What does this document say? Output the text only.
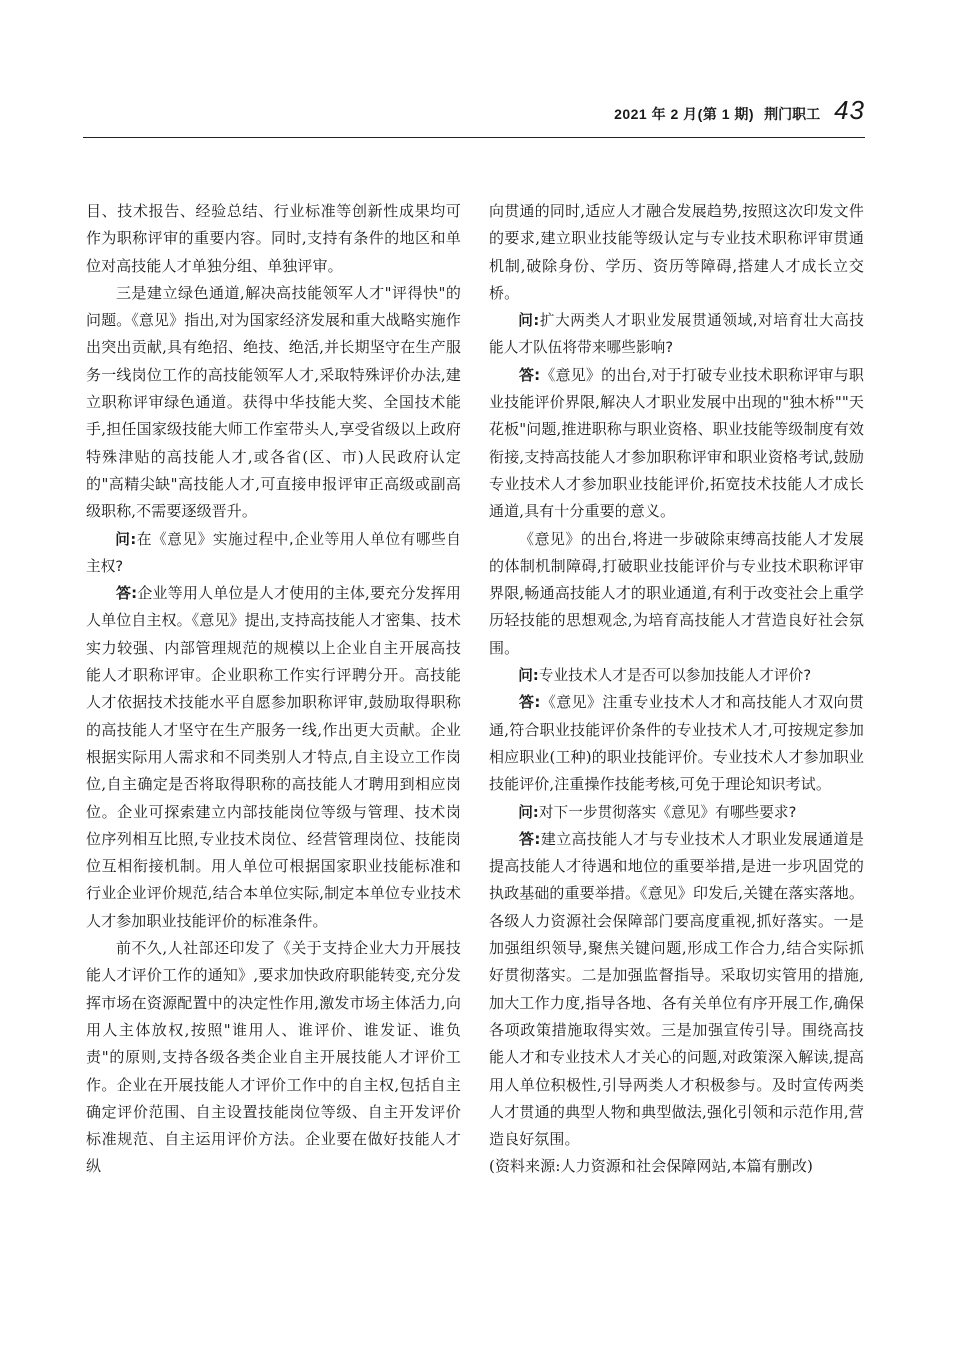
2021 年 2 月(第 1 期) 荆门职工 43

目、技术报告、经验总结、行业标准等创新性成果均可作为职称评审的重要内容。同时,支持有条件的地区和单位对高技能人才单独分组、单独评审。

三是建立绿色通道,解决高技能领军人才"评得快"的问题。《意见》指出,对为国家经济发展和重大战略实施作出突出贡献,具有绝招、绝技、绝活,并长期坚守在生产服务一线岗位工作的高技能领军人才,采取特殊评价办法,建立职称评审绿色通道。获得中华技能大奖、全国技术能手,担任国家级技能大师工作室带头人,享受省级以上政府特殊津贴的高技能人才,或各省(区、市)人民政府认定的"高精尖缺"高技能人才,可直接申报评审正高级或副高级职称,不需要逐级晋升。

问:在《意见》实施过程中,企业等用人单位有哪些自主权?

答:企业等用人单位是人才使用的主体,要充分发挥用人单位自主权。《意见》提出,支持高技能人才密集、技术实力较强、内部管理规范的规模以上企业自主开展高技能人才职称评审。企业职称工作实行评聘分开。高技能人才依据技术技能水平自愿参加职称评审,鼓励取得职称的高技能人才坚守在生产服务一线,作出更大贡献。企业根据实际用人需求和不同类别人才特点,自主设立工作岗位,自主确定是否将取得职称的高技能人才聘用到相应岗位。企业可探索建立内部技能岗位等级与管理、技术岗位序列相互比照,专业技术岗位、经营管理岗位、技能岗位互相衔接机制。用人单位可根据国家职业技能标准和行业企业评价规范,结合本单位实际,制定本单位专业技术人才参加职业技能评价的标准条件。

前不久,人社部还印发了《关于支持企业大力开展技能人才评价工作的通知》,要求加快政府职能转变,充分发挥市场在资源配置中的决定性作用,激发市场主体活力,向用人主体放权,按照"谁用人、谁评价、谁发证、谁负责"的原则,支持各级各类企业自主开展技能人才评价工作。企业在开展技能人才评价工作中的自主权,包括自主确定评价范围、自主设置技能岗位等级、自主开发评价标准规范、自主运用评价方法。企业要在做好技能人才纵

向贯通的同时,适应人才融合发展趋势,按照这次印发文件的要求,建立职业技能等级认定与专业技术职称评审贯通机制,破除身份、学历、资历等障碍,搭建人才成长立交桥。

问:扩大两类人才职业发展贯通领域,对培育壮大高技能人才队伍将带来哪些影响?

答:《意见》的出台,对于打破专业技术职称评审与职业技能评价界限,解决人才职业发展中出现的"独木桥""天花板"问题,推进职称与职业资格、职业技能等级制度有效衔接,支持高技能人才参加职称评审和职业资格考试,鼓励专业技术人才参加职业技能评价,拓宽技术技能人才成长通道,具有十分重要的意义。

《意见》的出台,将进一步破除束缚高技能人才发展的体制机制障碍,打破职业技能评价与专业技术职称评审界限,畅通高技能人才的职业通道,有利于改变社会上重学历轻技能的思想观念,为培育高技能人才营造良好社会氛围。

问:专业技术人才是否可以参加技能人才评价?

答:《意见》注重专业技术人才和高技能人才双向贯通,符合职业技能评价条件的专业技术人才,可按规定参加相应职业(工种)的职业技能评价。专业技术人才参加职业技能评价,注重操作技能考核,可免于理论知识考试。

问:对下一步贯彻落实《意见》有哪些要求?

答:建立高技能人才与专业技术人才职业发展通道是提高技能人才待遇和地位的重要举措,是进一步巩固党的执政基础的重要举措。《意见》印发后,关键在落实落地。各级人力资源社会保障部门要高度重视,抓好落实。一是加强组织领导,聚焦关键问题,形成工作合力,结合实际抓好贯彻落实。二是加强监督指导。采取切实管用的措施,加大工作力度,指导各地、各有关单位有序开展工作,确保各项政策措施取得实效。三是加强宣传引导。围绕高技能人才和专业技术人才关心的问题,对政策深入解读,提高用人单位积极性,引导两类人才积极参与。及时宣传两类人才贯通的典型人物和典型做法,强化引领和示范作用,营造良好氛围。

(资料来源:人力资源和社会保障网站,本篇有删改)
